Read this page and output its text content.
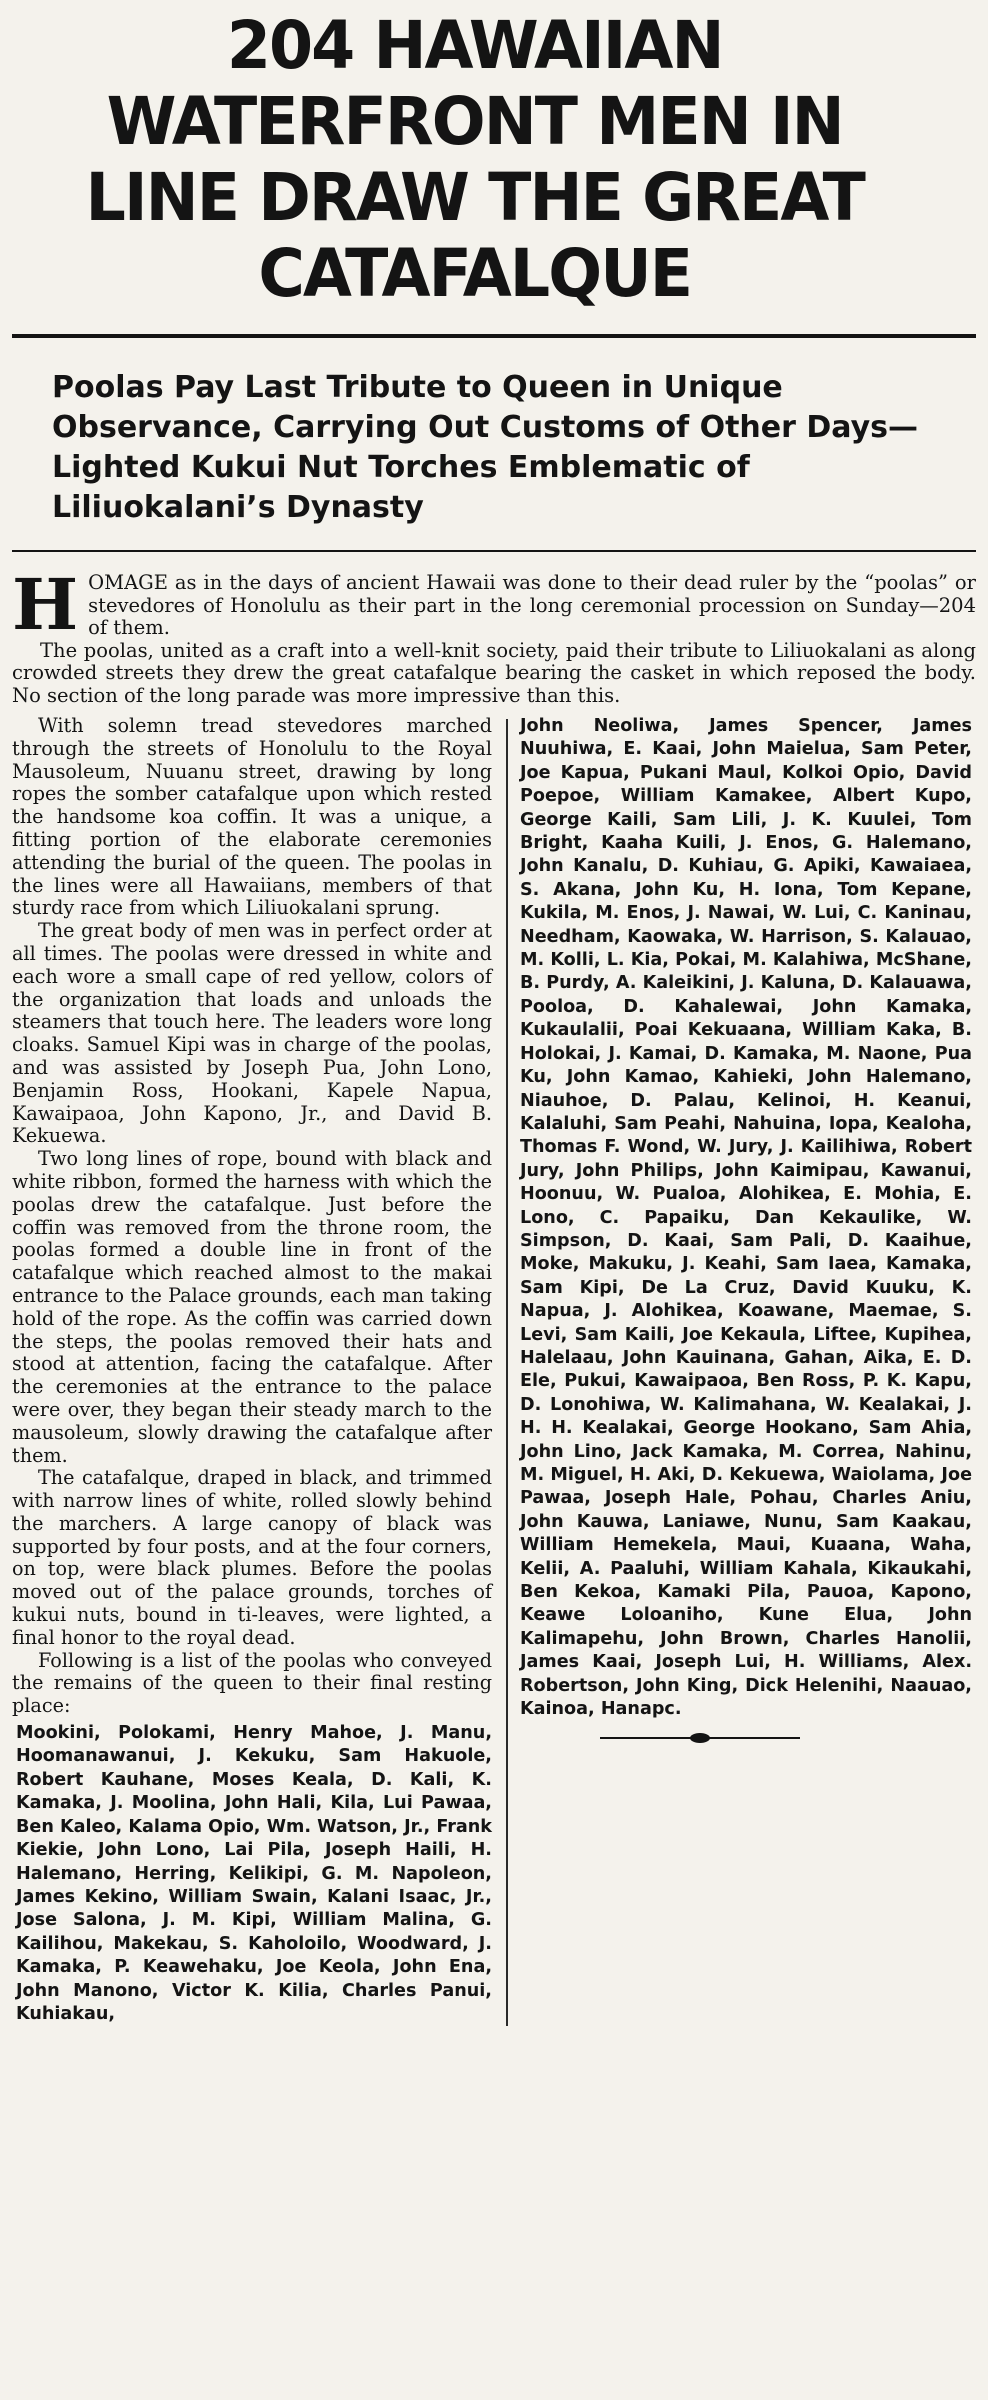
204 HAWAIIAN WATERFRONT MEN IN
LINE DRAW THE GREAT CATAFALQUE
Poolas Pay Last Tribute to Queen in Unique Observance, Carrying Out Customs of Other Days—Lighted Kukui Nut Torches Emblematic of Liliuokalani’s Dynasty

HOMAGE as in the days of ancient Hawaii was done to their dead ruler by the “poolas” or stevedores of Honolulu as their part in the long ceremonial procession on Sunday—204 of them.

The poolas, united as a craft into a well-knit society, paid their tribute to Liliuokalani as along crowded streets they drew the great catafalque bearing the casket in which reposed the body. No section of the long parade was more impressive than this.

With solemn tread stevedores marched through the streets of Honolulu to the Royal Mausoleum, Nuuanu street, drawing by long ropes the somber catafalque upon which rested the handsome koa coffin. It was a unique, a fitting portion of the elaborate ceremonies attending the burial of the queen. The poolas in the lines were all Hawaiians, members of that sturdy race from which Liliuokalani sprung.

The great body of men was in perfect order at all times. The poolas were dressed in white and each wore a small cape of red yellow, colors of the organization that loads and unloads the steamers that touch here. The leaders wore long cloaks. Samuel Kipi was in charge of the poolas, and was assisted by Joseph Pua, John Lono, Benjamin Ross, Hookani, Kapele Napua, Kawaipaoa, John Kapono, Jr., and David B. Kekuewa.

Two long lines of rope, bound with black and white ribbon, formed the harness with which the poolas drew the catafalque. Just before the coffin was removed from the throne room, the poolas formed a double line in front of the catafalque which reached almost to the makai entrance to the Palace grounds, each man taking hold of the rope. As the coffin was carried down the steps, the poolas removed their hats and stood at attention, facing the catafalque. After the ceremonies at the entrance to the palace were over, they began their steady march to the mausoleum, slowly drawing the catafalque after them.

The catafalque, draped in black, and trimmed with narrow lines of white, rolled slowly behind the marchers. A large canopy of black was supported by four posts, and at the four corners, on top, were black plumes. Before the poolas moved out of the palace grounds, torches of kukui nuts, bound in ti-leaves, were lighted, a final honor to the royal dead.

Following is a list of the poolas who conveyed the remains of the queen to their final resting place:

Mookini, Polokami, Henry Mahoe, J. Manu, Hoomanawanui, J. Kekuku, Sam Hakuole, Robert Kauhane, Moses Keala, D. Kali, K. Kamaka, J. Moolina, John Hali, Kila, Lui Pawaa, Ben Kaleo, Kalama Opio, Wm. Watson, Jr., Frank Kiekie, John Lono, Lai Pila, Joseph Haili, H. Halemano, Herring, Kelikipi, G. M. Napoleon, James Kekino, William Swain, Kalani Isaac, Jr., Jose Salona, J. M. Kipi, William Malina, G. Kailihou, Makekau, S. Kaholoilo, Woodward, J. Kamaka, P. Keawehaku, Joe Keola, John Ena, John Manono, Victor K. Kilia, Charles Panui, Kuhiakau,

John Neoliwa, James Spencer, James Nuuhiwa, E. Kaai, John Maielua, Sam Peter, Joe Kapua, Pukani Maul, Kolkoi Opio, David Poepoe, William Kamakee, Albert Kupo, George Kaili, Sam Lili, J. K. Kuulei, Tom Bright, Kaaha Kuili, J. Enos, G. Halemano, John Kanalu, D. Kuhiau, G. Apiki, Kawaiaea, S. Akana, John Ku, H. Iona, Tom Kepane, Kukila, M. Enos, J. Nawai, W. Lui, C. Kaninau, Needham, Kaowaka, W. Harrison, S. Kalauao, M. Kolli, L. Kia, Pokai, M. Kalahiwa, McShane, B. Purdy, A. Kaleikini, J. Kaluna, D. Kalauawa, Pooloa, D. Kahalewai, John Kamaka, Kukaulalii, Poai Kekuaana, William Kaka, B. Holokai, J. Kamai, D. Kamaka, M. Naone, Pua Ku, John Kamao, Kahieki, John Halemano, Niauhoe, D. Palau, Kelinoi, H. Keanui, Kalaluhi, Sam Peahi, Nahuina, Iopa, Kealoha, Thomas F. Wond, W. Jury, J. Kailihiwa, Robert Jury, John Philips, John Kaimipau, Kawanui, Hoonuu, W. Pualoa, Alohikea, E. Mohia, E. Lono, C. Papaiku, Dan Kekaulike, W. Simpson, D. Kaai, Sam Pali, D. Kaaihue, Moke, Makuku, J. Keahi, Sam Iaea, Kamaka, Sam Kipi, De La Cruz, David Kuuku, K. Napua, J. Alohikea, Koawane, Maemae, S. Levi, Sam Kaili, Joe Kekaula, Liftee, Kupihea, Halelaau, John Kauinana, Gahan, Aika, E. D. Ele, Pukui, Kawaipaoa, Ben Ross, P. K. Kapu, D. Lonohiwa, W. Kalimahana, W. Kealakai, J. H. H. Kealakai, George Hookano, Sam Ahia, John Lino, Jack Kamaka, M. Correa, Nahinu, M. Miguel, H. Aki, D. Kekuewa, Waiolama, Joe Pawaa, Joseph Hale, Pohau, Charles Aniu, John Kauwa, Laniawe, Nunu, Sam Kaakau, William Hemekela, Maui, Kuaana, Waha, Kelii, A. Paaluhi, William Kahala, Kikaukahi, Ben Kekoa, Kamaki Pila, Pauoa, Kapono, Keawe Loloaniho, Kune Elua, John Kalimapehu, John Brown, Charles Hanolii, James Kaai, Joseph Lui, H. Williams, Alex. Robertson, John King, Dick Helenihi, Naauao, Kainoa, Hanapc.
